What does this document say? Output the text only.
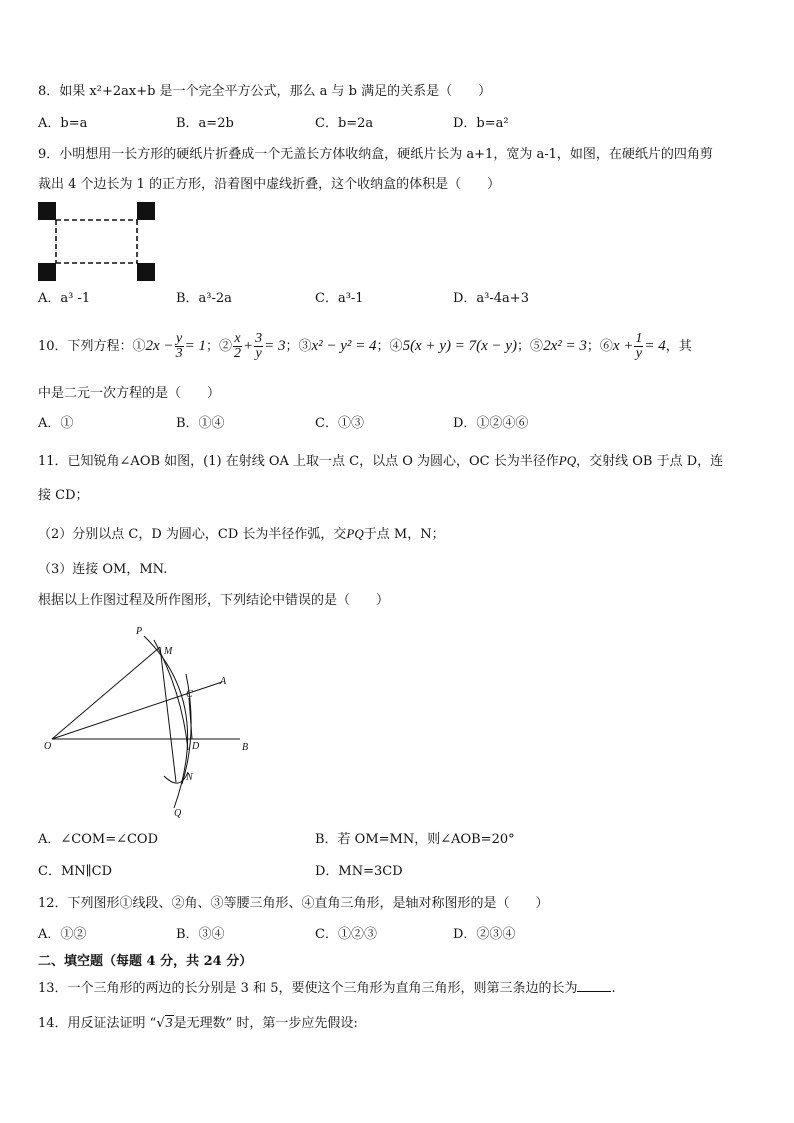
8．如果 x²+2ax+b 是一个完全平方公式，那么 a 与 b 满足的关系是（　　）
A．b=a	B．a=2b	C．b=2a	D．b=a²
9．小明想用一长方形的硬纸片折叠成一个无盖长方体收纳盒，硬纸片长为 a+1，宽为 a-1，如图，在硬纸片的四角剪
裁出 4 个边长为 1 的正方形，沿着图中虚线折叠，这个收纳盒的体积是（　　）
A．a³ -1	B．a³-2a	C．a³-1	D．a³-4a+3
10．下列方程：①2x − $\frac{y}{3} = 1$；② $\frac{x}{2} + \frac{3}{y} = 3$；③x² − y² = 4；④5(x + y) = 7(x − y)；⑤2x² = 3；⑥x + $\frac{1}{y} = 4$，其
中是二元一次方程的是（　　）
A．①	B．①④	C．①③	D．①②④⑥
11．已知锐角∠AOB 如图，(1) 在射线 OA 上取一点 C，以点 O 为圆心，OC 长为半径作PQ，交射线 OB 于点 D，连
接 CD；
（2）分别以点 C，D 为圆心，CD 长为半径作弧，交PQ于点 M，N；
（3）连接 OM，MN.
根据以上作图过程及所作图形，下列结论中错误的是（　　）
P
M
A
C
O	D	B
N
Q
A．∠COM=∠COD	B．若 OM=MN，则∠AOB=20°
C．MN∥CD	D．MN=3CD
12．下列图形①线段、②角、③等腰三角形、④直角三角形，是轴对称图形的是（　　）
A．①②	B．③④	C．①②③	D．②③④
二、填空题（每题 4 分，共 24 分）
13．一个三角形的两边的长分别是 3 和 5，要使这个三角形为直角三角形，则第三条边的长为	.
14．用反证法证明 “√3是无理数” 时，第一步应先假设:
